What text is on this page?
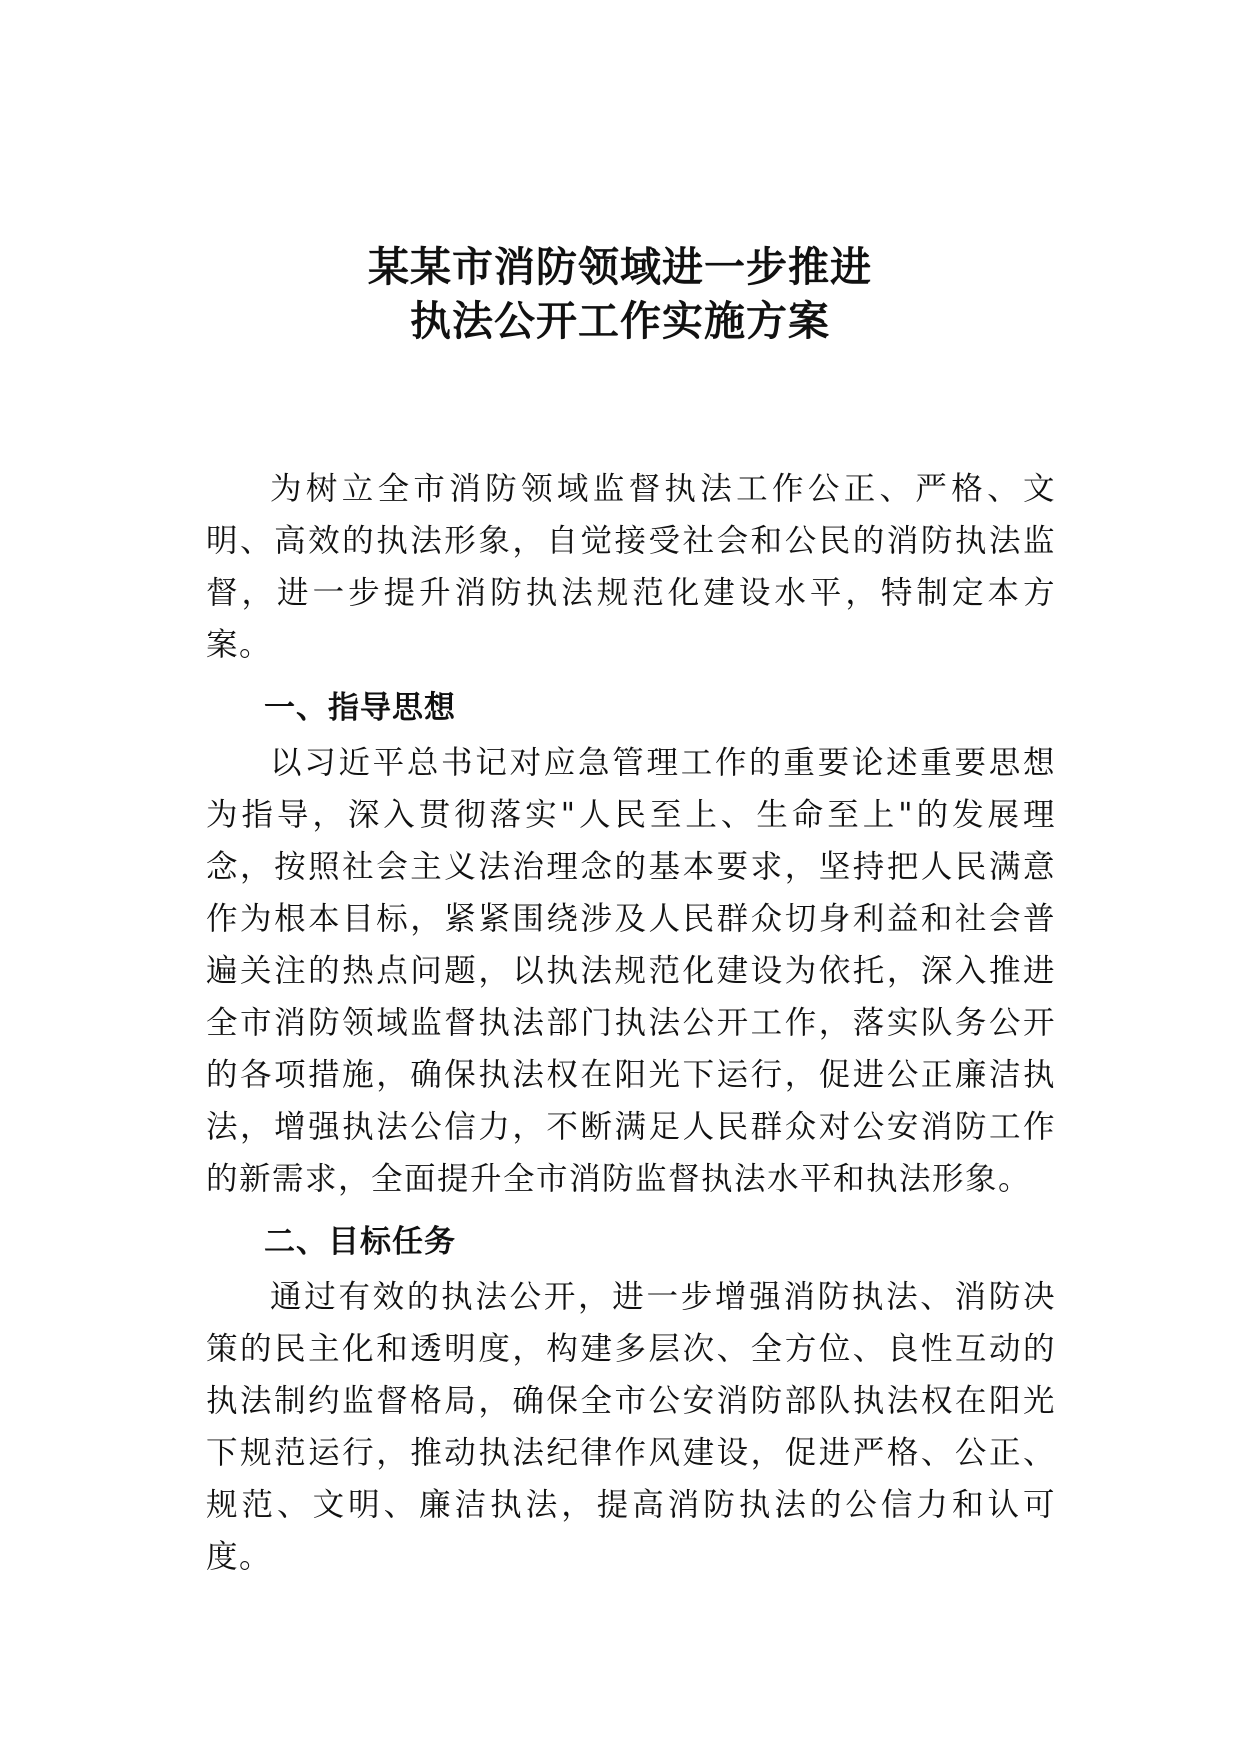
某某市消防领域进一步推进
执法公开工作实施方案

为树立全市消防领域监督执法工作公正、严格、文明、高效的执法形象，自觉接受社会和公民的消防执法监督，进一步提升消防执法规范化建设水平，特制定本方案。

一、指导思想

以习近平总书记对应急管理工作的重要论述重要思想为指导，深入贯彻落实"人民至上、生命至上"的发展理念，按照社会主义法治理念的基本要求，坚持把人民满意作为根本目标，紧紧围绕涉及人民群众切身利益和社会普遍关注的热点问题，以执法规范化建设为依托，深入推进全市消防领域监督执法部门执法公开工作，落实队务公开的各项措施，确保执法权在阳光下运行，促进公正廉洁执法，增强执法公信力，不断满足人民群众对公安消防工作的新需求，全面提升全市消防监督执法水平和执法形象。

二、目标任务

通过有效的执法公开，进一步增强消防执法、消防决策的民主化和透明度，构建多层次、全方位、良性互动的执法制约监督格局，确保全市公安消防部队执法权在阳光下规范运行，推动执法纪律作风建设，促进严格、公正、规范、文明、廉洁执法，提高消防执法的公信力和认可度。
